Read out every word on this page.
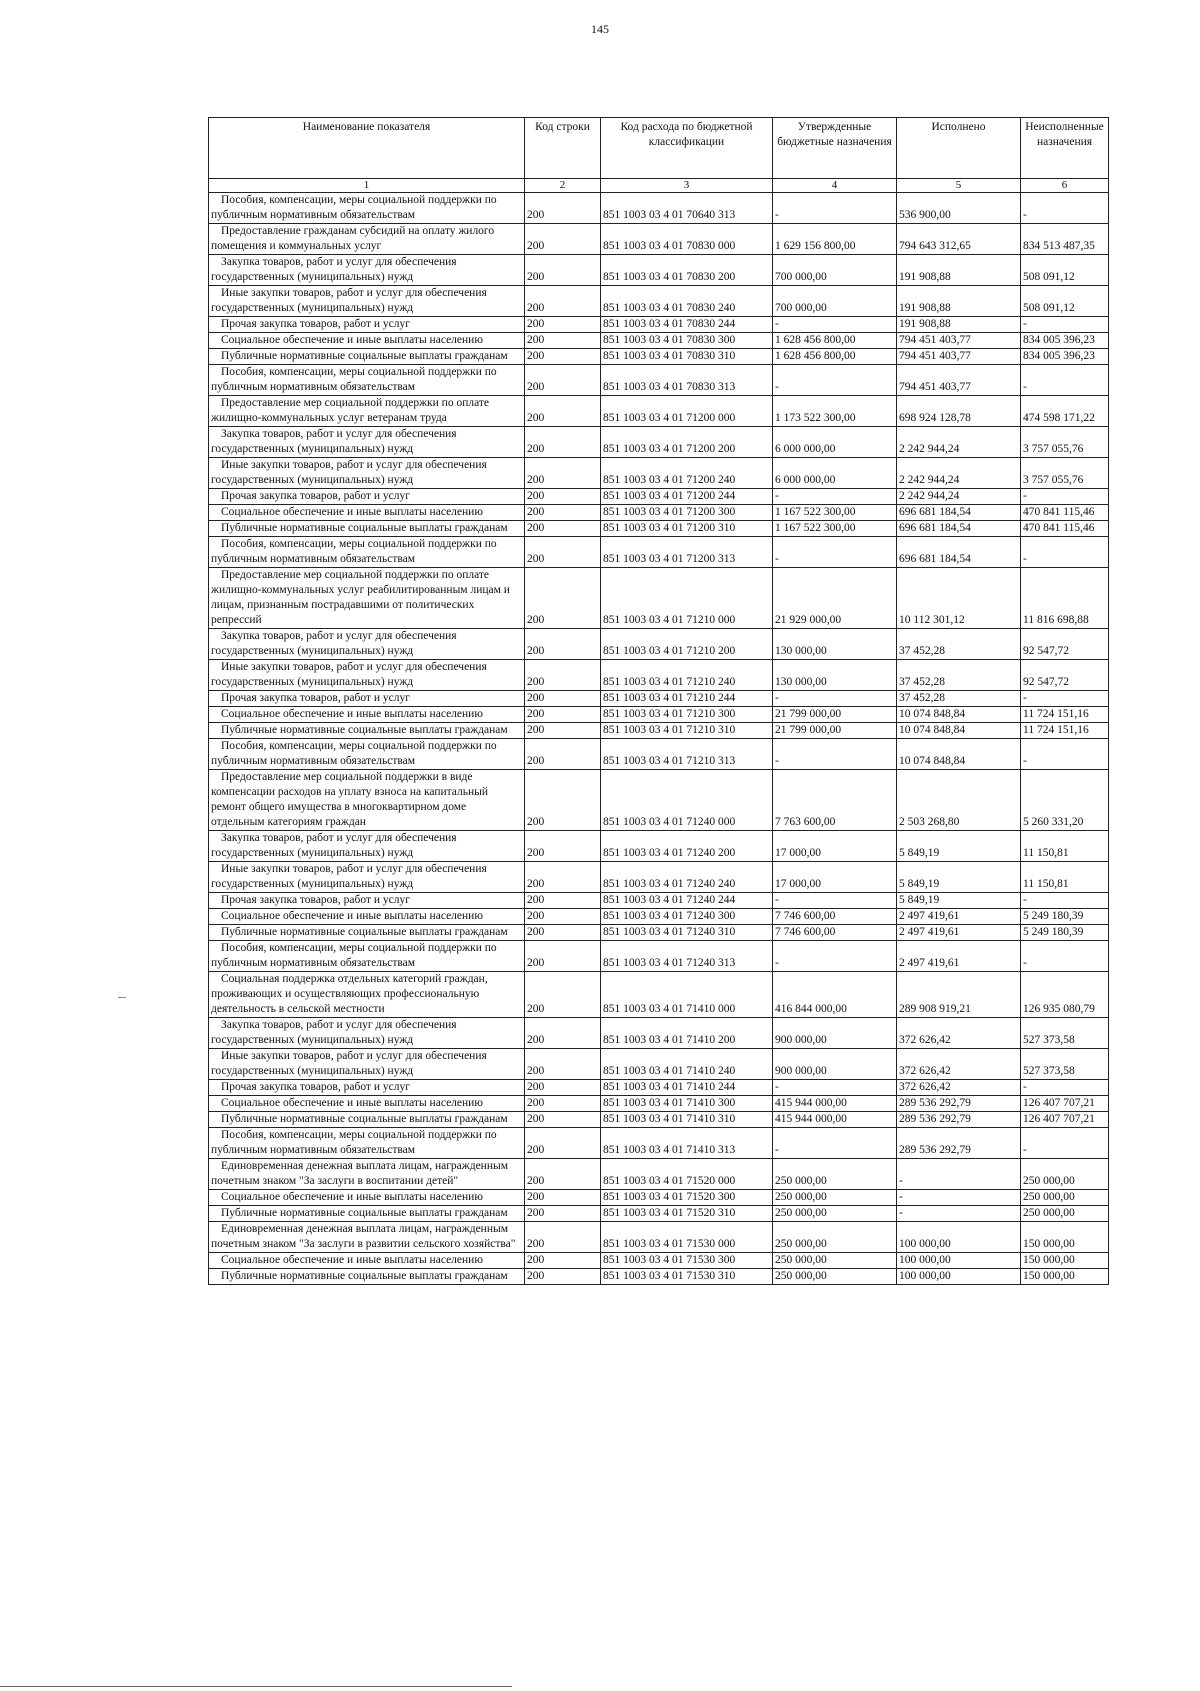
145
Наименование показателя	Код строки	Код расхода по бюджетной классификации	Утвержденные бюджетные назначения	Исполнено	Неисполненные назначения
1	2	3	4	5	6
Пособия, компенсации, меры социальной поддержки по публичным нормативным обязательствам	200	851 1003 03 4 01 70640 313	-	536 900,00	-
Предоставление гражданам субсидий на оплату жилого помещения и коммунальных услуг	200	851 1003 03 4 01 70830 000	1 629 156 800,00	794 643 312,65	834 513 487,35
Закупка товаров, работ и услуг для обеспечения государственных (муниципальных) нужд	200	851 1003 03 4 01 70830 200	700 000,00	191 908,88	508 091,12
Иные закупки товаров, работ и услуг для обеспечения государственных (муниципальных) нужд	200	851 1003 03 4 01 70830 240	700 000,00	191 908,88	508 091,12
Прочая закупка товаров, работ и услуг	200	851 1003 03 4 01 70830 244	-	191 908,88	-
Социальное обеспечение и иные выплаты населению	200	851 1003 03 4 01 70830 300	1 628 456 800,00	794 451 403,77	834 005 396,23
Публичные нормативные социальные выплаты гражданам	200	851 1003 03 4 01 70830 310	1 628 456 800,00	794 451 403,77	834 005 396,23
Пособия, компенсации, меры социальной поддержки по публичным нормативным обязательствам	200	851 1003 03 4 01 70830 313	-	794 451 403,77	-
Предоставление мер социальной поддержки по оплате жилищно-коммунальных услуг ветеранам труда	200	851 1003 03 4 01 71200 000	1 173 522 300,00	698 924 128,78	474 598 171,22
Закупка товаров, работ и услуг для обеспечения государственных (муниципальных) нужд	200	851 1003 03 4 01 71200 200	6 000 000,00	2 242 944,24	3 757 055,76
Иные закупки товаров, работ и услуг для обеспечения государственных (муниципальных) нужд	200	851 1003 03 4 01 71200 240	6 000 000,00	2 242 944,24	3 757 055,76
Прочая закупка товаров, работ и услуг	200	851 1003 03 4 01 71200 244	-	2 242 944,24	-
Социальное обеспечение и иные выплаты населению	200	851 1003 03 4 01 71200 300	1 167 522 300,00	696 681 184,54	470 841 115,46
Публичные нормативные социальные выплаты гражданам	200	851 1003 03 4 01 71200 310	1 167 522 300,00	696 681 184,54	470 841 115,46
Пособия, компенсации, меры социальной поддержки по публичным нормативным обязательствам	200	851 1003 03 4 01 71200 313	-	696 681 184,54	-
Предоставление мер социальной поддержки по оплате жилищно-коммунальных услуг реабилитированным лицам и лицам, признанным пострадавшими от политических репрессий	200	851 1003 03 4 01 71210 000	21 929 000,00	10 112 301,12	11 816 698,88
Закупка товаров, работ и услуг для обеспечения государственных (муниципальных) нужд	200	851 1003 03 4 01 71210 200	130 000,00	37 452,28	92 547,72
Иные закупки товаров, работ и услуг для обеспечения государственных (муниципальных) нужд	200	851 1003 03 4 01 71210 240	130 000,00	37 452,28	92 547,72
Прочая закупка товаров, работ и услуг	200	851 1003 03 4 01 71210 244	-	37 452,28	-
Социальное обеспечение и иные выплаты населению	200	851 1003 03 4 01 71210 300	21 799 000,00	10 074 848,84	11 724 151,16
Публичные нормативные социальные выплаты гражданам	200	851 1003 03 4 01 71210 310	21 799 000,00	10 074 848,84	11 724 151,16
Пособия, компенсации, меры социальной поддержки по публичным нормативным обязательствам	200	851 1003 03 4 01 71210 313	-	10 074 848,84	-
Предоставление мер социальной поддержки в виде компенсации расходов на уплату взноса на капитальный ремонт общего имущества в многоквартирном доме отдельным категориям граждан	200	851 1003 03 4 01 71240 000	7 763 600,00	2 503 268,80	5 260 331,20
Закупка товаров, работ и услуг для обеспечения государственных (муниципальных) нужд	200	851 1003 03 4 01 71240 200	17 000,00	5 849,19	11 150,81
Иные закупки товаров, работ и услуг для обеспечения государственных (муниципальных) нужд	200	851 1003 03 4 01 71240 240	17 000,00	5 849,19	11 150,81
Прочая закупка товаров, работ и услуг	200	851 1003 03 4 01 71240 244	-	5 849,19	-
Социальное обеспечение и иные выплаты населению	200	851 1003 03 4 01 71240 300	7 746 600,00	2 497 419,61	5 249 180,39
Публичные нормативные социальные выплаты гражданам	200	851 1003 03 4 01 71240 310	7 746 600,00	2 497 419,61	5 249 180,39
Пособия, компенсации, меры социальной поддержки по публичным нормативным обязательствам	200	851 1003 03 4 01 71240 313	-	2 497 419,61	-
Социальная поддержка отдельных категорий граждан, проживающих и осуществляющих профессиональную деятельность в сельской местности	200	851 1003 03 4 01 71410 000	416 844 000,00	289 908 919,21	126 935 080,79
Закупка товаров, работ и услуг для обеспечения государственных (муниципальных) нужд	200	851 1003 03 4 01 71410 200	900 000,00	372 626,42	527 373,58
Иные закупки товаров, работ и услуг для обеспечения государственных (муниципальных) нужд	200	851 1003 03 4 01 71410 240	900 000,00	372 626,42	527 373,58
Прочая закупка товаров, работ и услуг	200	851 1003 03 4 01 71410 244	-	372 626,42	-
Социальное обеспечение и иные выплаты населению	200	851 1003 03 4 01 71410 300	415 944 000,00	289 536 292,79	126 407 707,21
Публичные нормативные социальные выплаты гражданам	200	851 1003 03 4 01 71410 310	415 944 000,00	289 536 292,79	126 407 707,21
Пособия, компенсации, меры социальной поддержки по публичным нормативным обязательствам	200	851 1003 03 4 01 71410 313	-	289 536 292,79	-
Единовременная денежная выплата лицам, награжденным почетным знаком "За заслуги в воспитании детей"	200	851 1003 03 4 01 71520 000	250 000,00	-	250 000,00
Социальное обеспечение и иные выплаты населению	200	851 1003 03 4 01 71520 300	250 000,00	-	250 000,00
Публичные нормативные социальные выплаты гражданам	200	851 1003 03 4 01 71520 310	250 000,00	-	250 000,00
Единовременная денежная выплата лицам, награжденным почетным знаком "За заслуги в развитии сельского хозяйства"	200	851 1003 03 4 01 71530 000	250 000,00	100 000,00	150 000,00
Социальное обеспечение и иные выплаты населению	200	851 1003 03 4 01 71530 300	250 000,00	100 000,00	150 000,00
Публичные нормативные социальные выплаты гражданам	200	851 1003 03 4 01 71530 310	250 000,00	100 000,00	150 000,00
